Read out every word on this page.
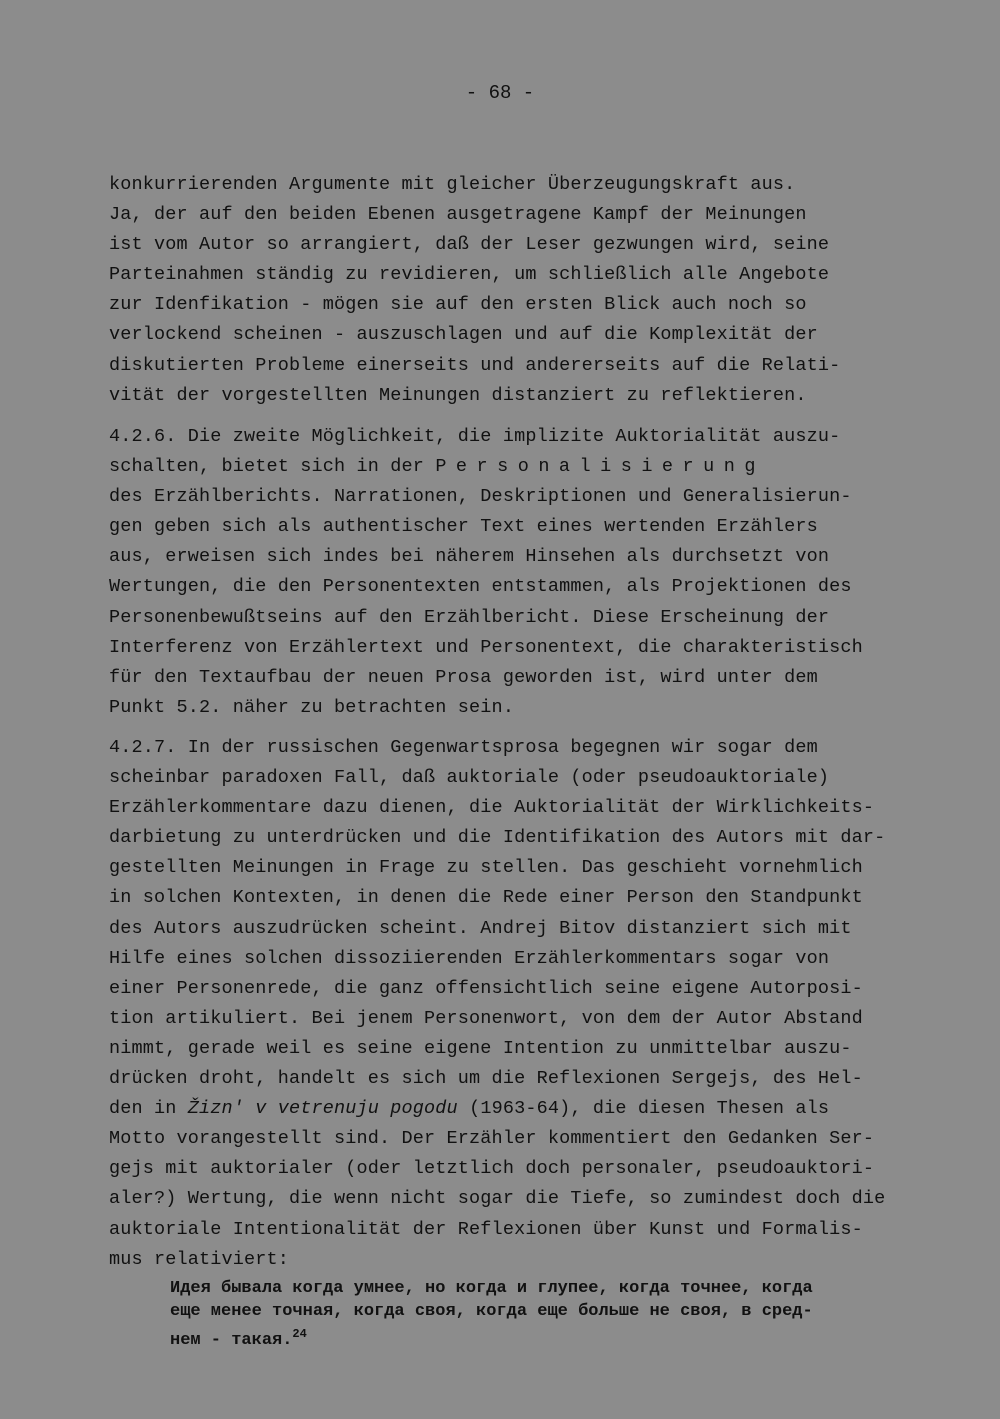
- 68 -
konkurrierenden Argumente mit gleicher Überzeugungskraft aus.
Ja, der auf den beiden Ebenen ausgetragene Kampf der Meinungen
ist vom Autor so arrangiert, daß der Leser gezwungen wird, seine
Parteinahmen ständig zu revidieren, um schließlich alle Angebote
zur Idenfikation - mögen sie auf den ersten Blick auch noch so
verlockend scheinen - auszuschlagen und auf die Komplexität der
diskutierten Probleme einerseits und andererseits auf die Relati-
vität der vorgestellten Meinungen distanziert zu reflektieren.
4.2.6. Die zweite Möglichkeit, die implizite Auktorialität auszu-
schalten, bietet sich in der Personalisierung
des Erzählberichts. Narrationen, Deskriptionen und Generalisierun-
gen geben sich als authentischer Text eines wertenden Erzählers
aus, erweisen sich indes bei näherem Hinsehen als durchsetzt von
Wertungen, die den Personentexten entstammen, als Projektionen des
Personenbewußtseins auf den Erzählbericht. Diese Erscheinung der
Interferenz von Erzählertext und Personentext, die charakteristisch
für den Textaufbau der neuen Prosa geworden ist, wird unter dem
Punkt 5.2. näher zu betrachten sein.
4.2.7. In der russischen Gegenwartsprosa begegnen wir sogar dem
scheinbar paradoxen Fall, daß auktoriale (oder pseudoauktoriale)
Erzählerkommentare dazu dienen, die Auktorialität der Wirklichkeits-
darbietung zu unterdrücken und die Identifikation des Autors mit dar-
gestellten Meinungen in Frage zu stellen. Das geschieht vornehmlich
in solchen Kontexten, in denen die Rede einer Person den Standpunkt
des Autors auszudrücken scheint. Andrej Bitov distanziert sich mit
Hilfe eines solchen dissoziierenden Erzählerkommentars sogar von
einer Personenrede, die ganz offensichtlich seine eigene Autorposi-
tion artikuliert. Bei jenem Personenwort, von dem der Autor Abstand
nimmt, gerade weil es seine eigene Intention zu unmittelbar auszu-
drücken droht, handelt es sich um die Reflexionen Sergejs, des Hel-
den in Žizn' v vetrenuju pogodu (1963-64), die diesen Thesen als
Motto vorangestellt sind. Der Erzähler kommentiert den Gedanken Ser-
gejs mit auktorialer (oder letztlich doch personaler, pseudoauktori-
aler?) Wertung, die wenn nicht sogar die Tiefe, so zumindest doch die
auktoriale Intentionalität der Reflexionen über Kunst und Formalis-
mus relativiert:
Идея бывала когда умнее, но когда и глупее, когда точнее, когда
еще менее точная, когда своя, когда еще больше не своя, в сред-
нем - такая.$^{24}$
